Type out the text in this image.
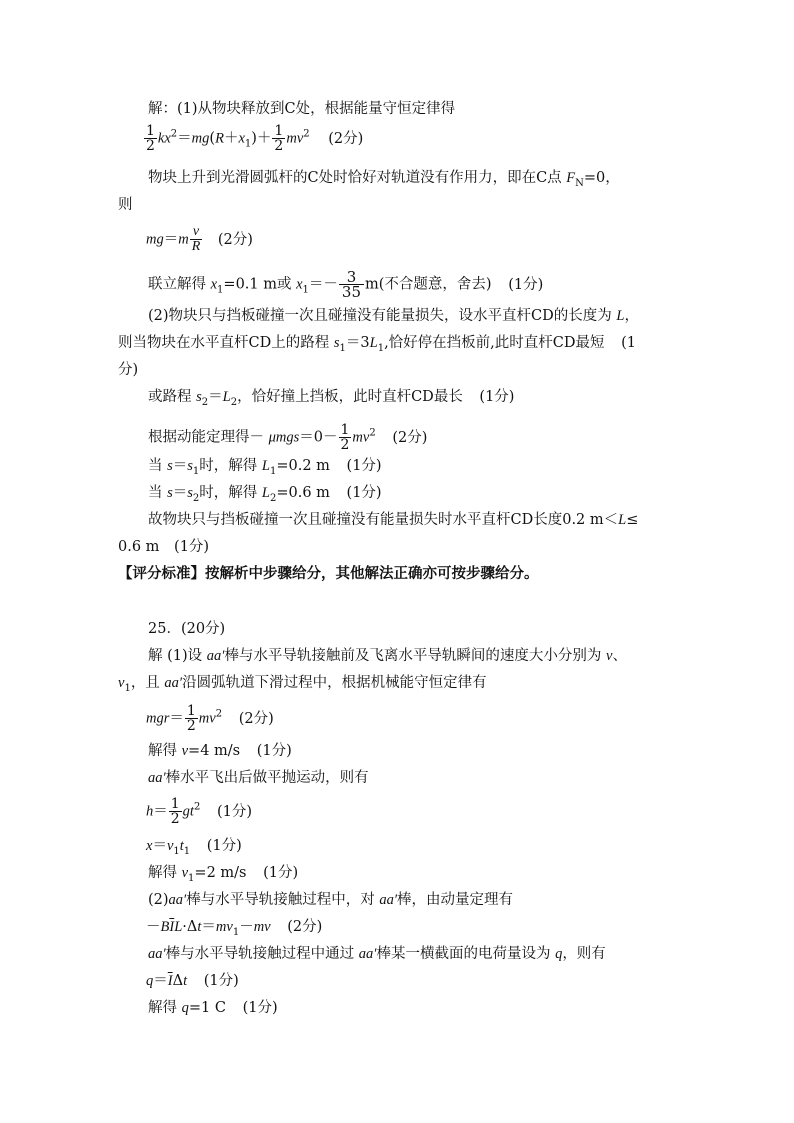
解：(1)从物块释放到C处，根据能量守恒定律得
$\frac{1}{2} kx^2=mg(R+x_1)+ \frac{1}{2} mv^2$ (2分)
物块上升到光滑圆弧杆的C处时恰好对轨道没有作用力，即在C点 $F_N=0$，
则
$mg=m \frac{v}{R} (2$分)
联立解得 $x_1=0.1$ m或 $x_1=- \frac{3}{35} m$(不合题意，舍去) (1分)
(2)物块只与挡板碰撞一次且碰撞没有能量损失，设水平直杆CD的长度为 L，
则当物块在水平直杆CD上的路程 $s_1=3L_1$,恰好停在挡板前,此时直杆CD最短 (1
分)
或路程 $s_2=L_2$，恰好撞上挡板，此时直杆CD最长 (1分)
根据动能定理得－ $\mu mgs=0- \frac{1}{2} mv^2$ (2分)
当 $s=s_1$时，解得 $L_1=0.2$ m (1分)
当 $s=s_2$时，解得 $L_2=0.6$ m (1分)
故物块只与挡板碰撞一次且碰撞没有能量损失时水平直杆CD长度0.2 m＜L≤
0.6 m (1分)
【评分标准】按解析中步骤给分，其他解法正确亦可按步骤给分。
25．(20分)
解 (1)设 aa′棒与水平导轨接触前及飞离水平导轨瞬间的速度大小分别为 v、
$v_1$，且 aa′沿圆弧轨道下滑过程中，根据机械能守恒定律有
$mgr= \frac{1}{2} mv^2$ (2分)
解得 v=4 m/s (1分)
aa′棒水平飞出后做平抛运动，则有
$h= \frac{1}{2} gt^2$ (1分)
$x=v_1t_1$ (1分)
解得 $v_1=2$ m/s (1分)
(2)aa′棒与水平导轨接触过程中，对 aa′棒，由动量定理有
$-B\overline{I}L\cdot\Delta t=mv_1-mv$ (2分)
aa′棒与水平导轨接触过程中通过 aa′棒某一横截面的电荷量设为 q，则有
$q=\overline{I}\Delta t$ (1分)
解得 q=1 C (1分)
